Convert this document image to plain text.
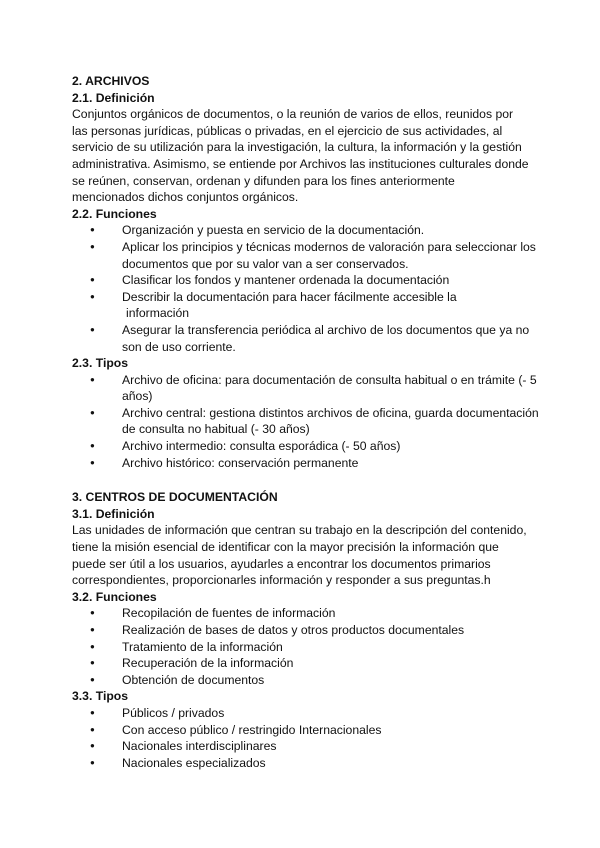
2. ARCHIVOS
2.1. Definición

Conjuntos orgánicos de documentos, o la reunión de varios de ellos, reunidos por
las personas jurídicas, públicas o privadas, en el ejercicio de sus actividades, al
servicio de su utilización para la investigación, la cultura, la información y la gestión
administrativa. Asimismo, se entiende por Archivos las instituciones culturales donde
se reúnen, conservan, ordenan y difunden para los fines anteriormente
mencionados dichos conjuntos orgánicos.

2.2. Funciones
● Organización y puesta en servicio de la documentación.
● Aplicar los principios y técnicas modernos de valoración para seleccionar los
documentos que por su valor van a ser conservados.
● Clasificar los fondos y mantener ordenada la documentación
● Describir la documentación para hacer fácilmente accesible la
información
● Asegurar la transferencia periódica al archivo de los documentos que ya no
son de uso corriente.
2.3. Tipos
● Archivo de oficina: para documentación de consulta habitual o en trámite (- 5
años)
● Archivo central: gestiona distintos archivos de oficina, guarda documentación
de consulta no habitual (- 30 años)
● Archivo intermedio: consulta esporádica (- 50 años)
● Archivo histórico: conservación permanente
3. CENTROS DE DOCUMENTACIÓN
3.1. Definición

Las unidades de información que centran su trabajo en la descripción del contenido,
tiene la misión esencial de identificar con la mayor precisión la información que
puede ser útil a los usuarios, ayudarles a encontrar los documentos primarios
correspondientes, proporcionarles información y responder a sus preguntas.h

3.2. Funciones
● Recopilación de fuentes de información
● Realización de bases de datos y otros productos documentales
● Tratamiento de la información
● Recuperación de la información
● Obtención de documentos
3.3. Tipos
● Públicos / privados
● Con acceso público / restringido Internacionales
● Nacionales interdisciplinares
● Nacionales especializados
